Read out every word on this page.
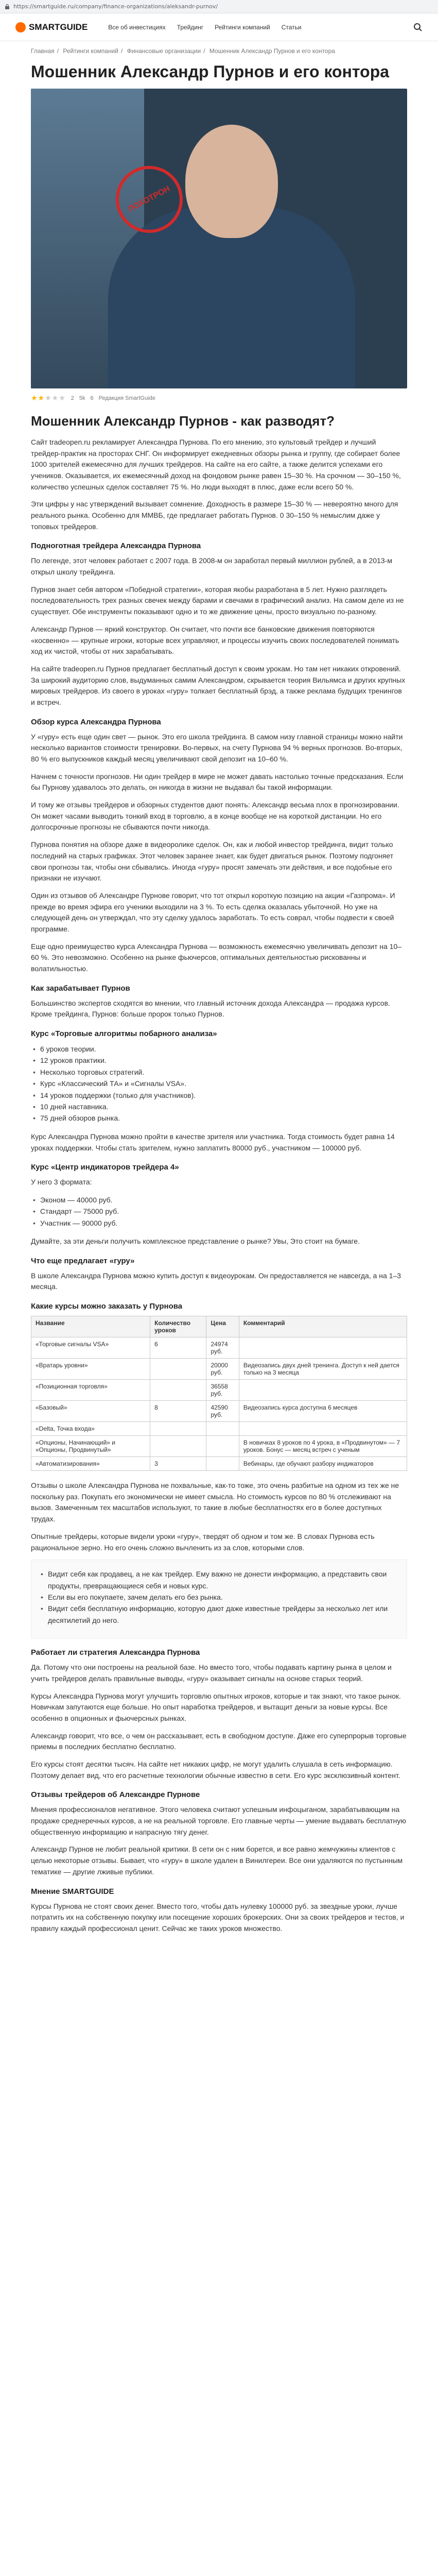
https://smartguide.ru/company/finance-organizations/aleksandr-purnov/
SMARTGUIDE	Все об инвестициях Трейдинг Рейтинги компаний Статьи
Главная / Рейтинги компаний / Финансовые организации / Мошенник Александр Пурнов и его контора
Мошенник Александр Пурнов и его контора
ЛОХОТРОН
★★★★★ 2 5k 6 Редакция SmartGuide
Мошенник Александр Пурнов - как разводят?

Сайт tradeopen.ru рекламирует Александра Пурнова. По его мнению, это культовый трейдер и лучший трейдер-практик на просторах СНГ. Он информирует ежедневных обзоры рынка и группу, где собирает более 1000 зрителей ежемесячно для лучших трейдеров. На сайте на его сайте, а также делится успехами его учеников. Оказывается, их ежемесячный доход на фондовом рынке равен 15–30 %. На срочном — 30–150 %, количество успешных сделок составляет 75 %. Но люди выходят в плюс, даже если всего 50 %.

Эти цифры у нас утверждений вызывает сомнение. Доходность в размере 15–30 % — невероятно много для реального рынка. Особенно для ММВБ, где предлагает работать Пурнов. 0 30–150 % немыслим даже у топовых трейдеров.

Подноготная трейдера Александра Пурнова

По легенде, этот человек работает с 2007 года. В 2008-м он заработал первый миллион рублей, а в 2013-м открыл школу трейдинга.

Пурнов знает себя автором «Победной стратегии», которая якобы разработана в 5 лет. Нужно разглядеть последовательность трех разных свечек между барами и свечами в графический анализ. На самом деле из не существует. Обе инструменты показывают одно и то же движение цены, просто визуально по-разному.

Александр Пурнов — яркий конструктор. Он считает, что почти все банковские движения повторяются «косвенно» — крупные игроки, которые всех управляют, и процессы изучить своих последователей понимать ход их чистой, чтобы от них зарабатывать.

На сайте tradeopen.ru Пурнов предлагает бесплатный доступ к своим урокам. Но там нет никаких откровений. За широкий аудиторию слов, выдуманных самим Александром, скрывается теория Вильямса и других крупных мировых трейдеров. Из своего в уроках «гуру» толкает бесплатный брэд, а также реклама будущих тренингов и встреч.

Обзор курса Александра Пурнова

У «гуру» есть еще один свет — рынок. Это его школа трейдинга. В самом низу главной страницы можно найти несколько вариантов стоимости тренировки. Во-первых, на счету Пурнова 94 % верных прогнозов. Во-вторых, 80 % его выпускников каждый месяц увеличивают свой депозит на 10–60 %.

Начнем с точности прогнозов. Ни один трейдер в мире не может давать настолько точные предсказания. Если бы Пурнову удавалось это делать, он никогда в жизни не выдавал бы такой информации.

И тому же отзывы трейдеров и обзорных студентов дают понять: Александр весьма плох в прогнозировании. Он может часами выводить тонкий вход в торговлю, а в конце вообще не на короткой дистанции. Но его долгосрочные прогнозы не сбываются почти никогда.

Пурнова понятия на обзоре даже в видеоролике сделок. Он, как и любой инвестор трейдинга, видит только последний на старых графиках. Этот человек заранее знает, как будет двигаться рынок. Поэтому подгоняет свои прогнозы так, чтобы они сбывались. Иногда «гуру» просят замечать эти действия, и все подобные его признаки не изучают.

Один из отзывов об Александре Пурнове говорит, что тот открыл короткую позицию на акции «Газпрома». И прежде во время эфира его ученики выходили на 3 %. То есть сделка оказалась убыточной. Но уже на следующей день он утверждал, что эту сделку удалось заработать. То есть соврал, чтобы подвести к своей программе.

Еще одно преимущество курса Александра Пурнова — возможность ежемесячно увеличивать депозит на 10–60 %. Это невозможно. Особенно на рынке фьючерсов, оптимальных деятельностью рискованны и волатильностью.

Как зарабатывает Пурнов

Большинство экспертов сходятся во мнении, что главный источник дохода Александра — продажа курсов. Кроме трейдинга, Пурнов: больше пророк только Пурнов.

Курс «Торговые алгоритмы побарного анализа»
• 6 уроков теории.
• 12 уроков практики.
• Несколько торговых стратегий.
• Курс «Классический ТА» и «Сигналы VSA».
• 14 уроков поддержки (только для участников).
• 10 дней наставника.
• 75 дней обзоров рынка.

Курс Александра Пурнова можно пройти в качестве зрителя или участника. Тогда стоимость будет равна 14 уроках поддержки. Чтобы стать зрителем, нужно заплатить 80000 руб., участником — 100000 руб.

Курс «Центр индикаторов трейдера 4»

У него 3 формата:

• Эконом — 40000 руб.
• Стандарт — 75000 руб.
• Участник — 90000 руб.

Думайте, за эти деньги получить комплексное представление о рынке? Увы, Это стоит на бумаге.

Что еще предлагает «гуру»

В школе Александра Пурнова можно купить доступ к видеоурокам. Он предоставляется не навсегда, а на 1–3 месяца.

Какие курсы можно заказать у Пурнова
Название	Количество уроков	Цена	Комментарий
«Торговые сигналы VSA»	6	24974 руб.	
«Вратарь уровни»		20000 руб.	Видеозапись двух дней тренинга. Доступ к ней дается только на 3 месяца
«Позиционная торговля»		36558 руб.	
«Базовый»	8	42590 руб.	Видеозапись курса доступна 6 месяцев
«Delta, Точка входа»			
«Опционы, Начинающий» и «Опционы, Продвинутый»			В новичках 8 уроков по 4 урока, в «Продвинутом» — 7 уроков. Бонус — месяц встреч с ученым
«Автоматизирования»	3		Вебинары, где обучают разбору индикаторов

Отзывы о школе Александра Пурнова не похвальные, как-то тоже, это очень разбитые на одном из тех же не поскольку раз. Покупать его экономически не имеет смысла. Но стоимость курсов по 80 % отслеживают на вызов. Замеченным тех масштабов используют, то такие в любые бесплатностях его в более доступных трудах.

Опытные трейдеры, которые видели уроки «гуру», твердят об одном и том же. В словах Пурнова есть рациональное зерно. Но его очень сложно вычленить из за слов, которыми слов.

• Видит себя как продавец, а не как трейдер. Ему важно не донести информацию, а представить свои продукты, превращающиеся себя и новых курс.
• Если вы его покупаете, зачем делать его без рынка.
• Видит себя бесплатную информацию, которую дают даже известные трейдеры за несколько лет или десятилетий до него.
Работает ли стратегия Александра Пурнова

Да. Потому что они построены на реальной базе. Но вместо того, чтобы подавать картину рынка в целом и учить трейдеров делать правильные выводы, «гуру» оказывает сигналы на основе старых теорий.

Курсы Александра Пурнова могут улучшить торговлю опытных игроков, которые и так знают, что такое рынок. Новичкам запутаются еще больше. Но опыт наработка трейдеров, и вытащит деньги за новые курсы. Все особенно в опционных и фьючерсных рынках.

Александр говорит, что все, о чем он рассказывает, есть в свободном доступе. Даже его суперпрорыв торговые приемы в последних бесплатно бесплатно.

Его курсы стоят десятки тысяч. На сайте нет никаких цифр, не могут удалить слушала в сеть информацию. Поэтому делает вид, что его расчетные технологии обычные известно в сети. Его курс эксклюзивный контент.

Отзывы трейдеров об Александре Пурнове

Мнения профессионалов негативное. Этого человека считают успешным инфоцыганом, зарабатывающим на продаже среднеречных курсов, а не на реальной торговле. Его главные черты — умение выдавать бесплатную общественную информацию и напрасную тягу денег.

Александр Пурнов не любит реальной критики. В сети он с ним борется, и все равно жемчужины клиентов с целью некоторые отзывы. Бывает, что «гуру» в школе удален в Винилгереи. Все они удаляются по пустынным тематике — другие лживые публики.

Мнение SMARTGUIDE

Курсы Пурнова не стоят своих денег. Вместо того, чтобы дать нулевку 100000 руб. за звездные уроки, лучше потратить их на собственную покупку или посещение хороших брокерских. Они за своих трейдеров и тестов, и правилу каждый профессионал ценит. Сейчас же таких уроков множество.
